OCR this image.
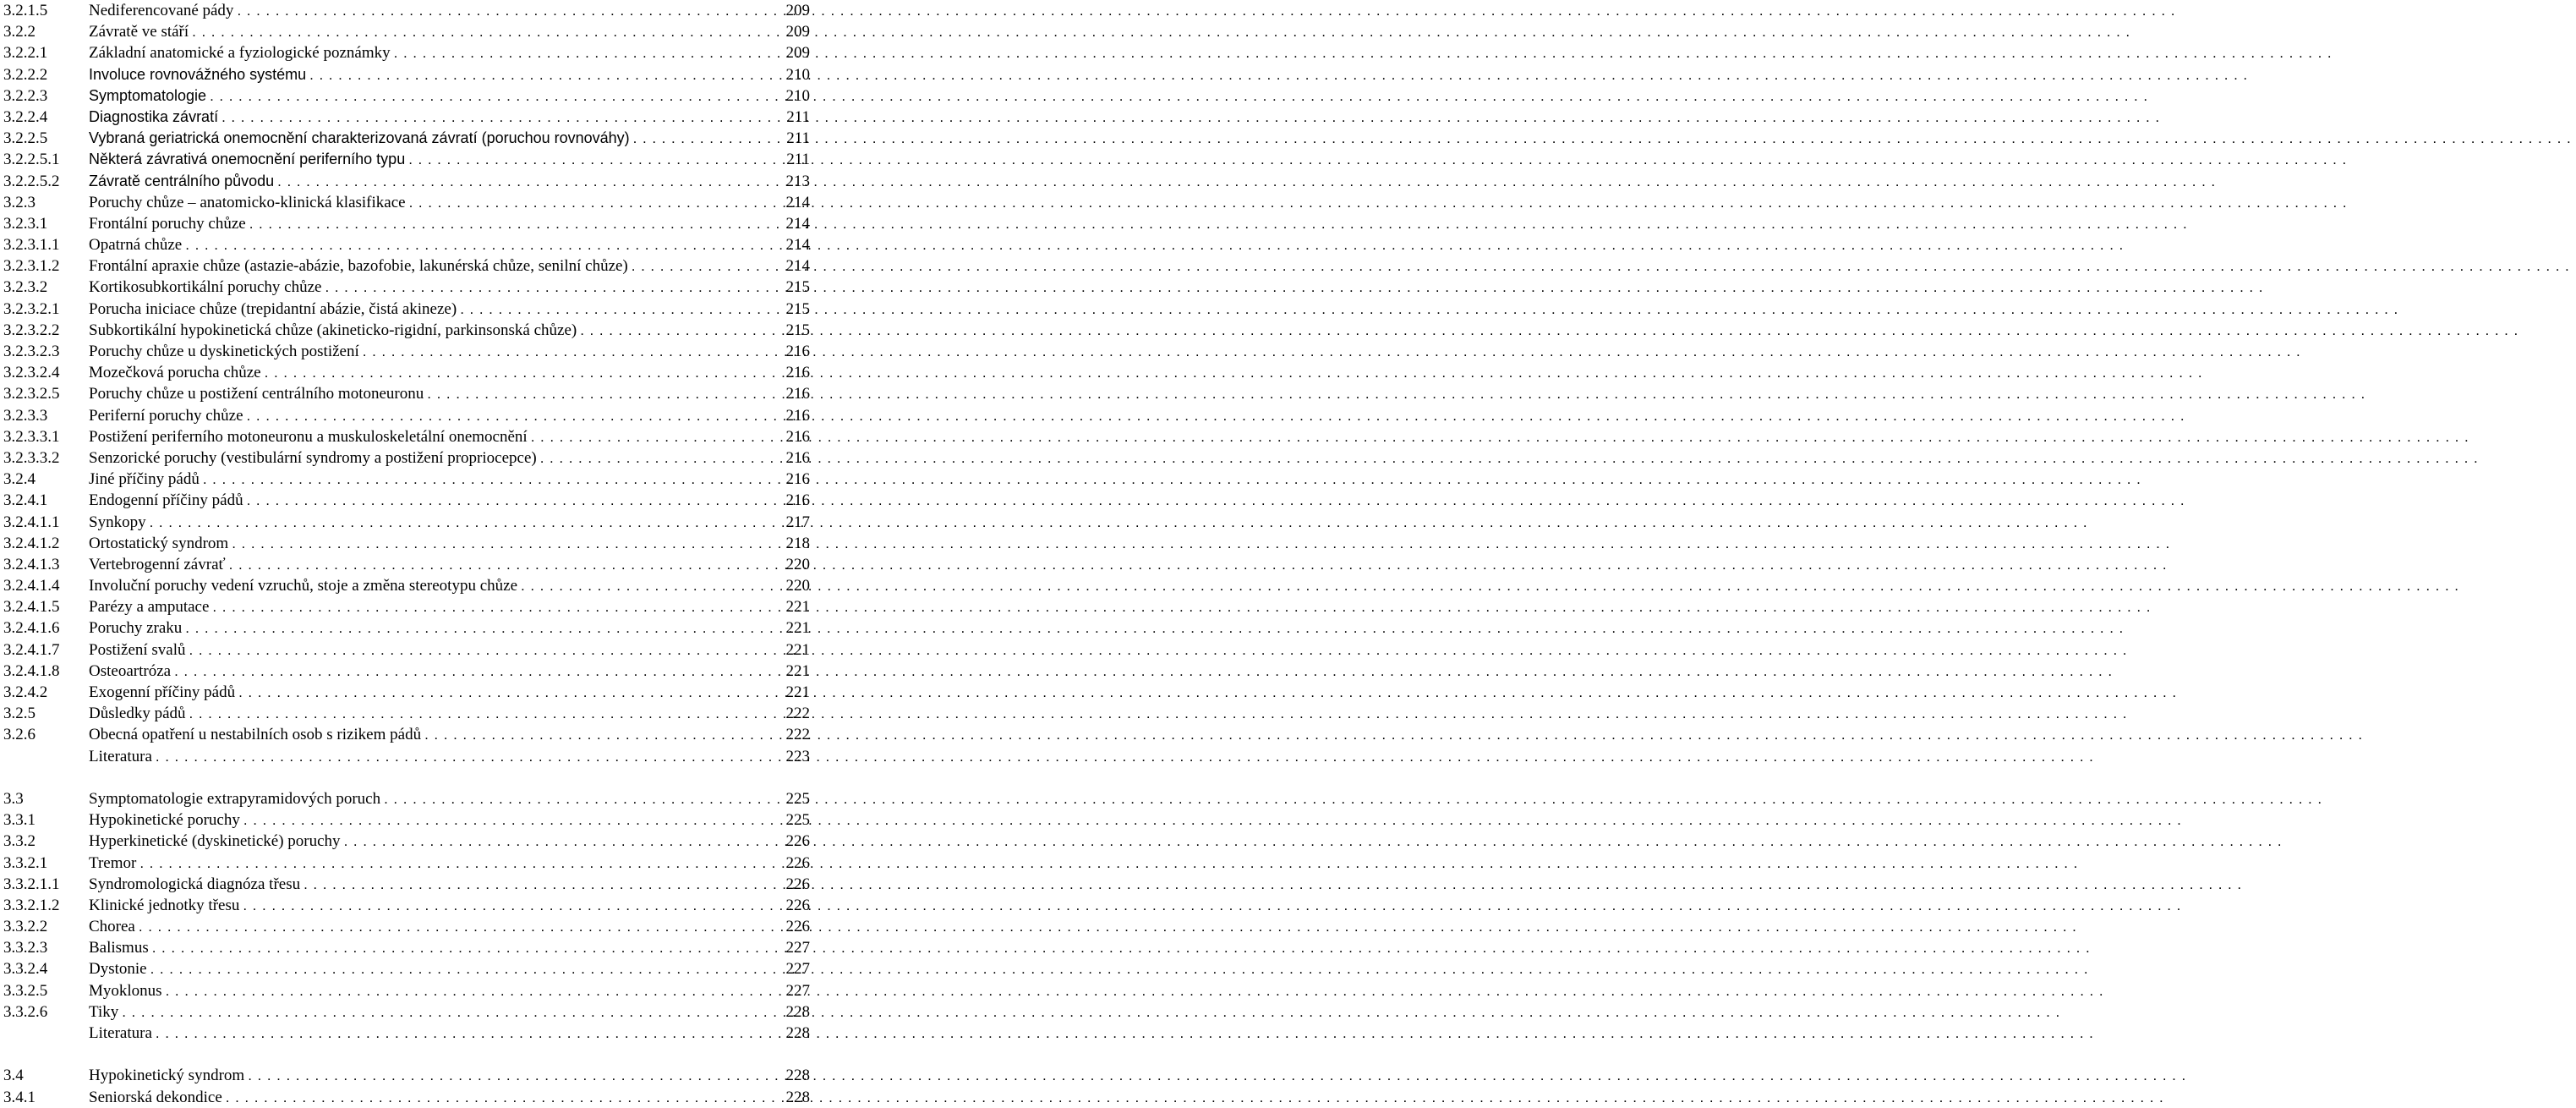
3.2.1.5	Nediferencované pády .....	209
3.2.2	Závratě ve stáří .....	209
3.2.2.1	Základní anatomické a fyziologické poznámky .....	209
3.2.2.2	Involuce rovnovážného systému .....	210
3.2.2.3	Symptomatologie .....	210
3.2.2.4	Diagnostika závratí .....	211
3.2.2.5	Vybraná geriatrická onemocnění charakterizovaná závratí (poruchou rovnováhy) .....	211
3.2.2.5.1	Některá závrativá onemocnění periferního typu .....	211
3.2.2.5.2	Závratě centrálního původu .....	213
3.2.3	Poruchy chůze – anatomicko-klinická klasifikace .....	214
3.2.3.1	Frontální poruchy chůze .....	214
3.2.3.1.1	Opatrná chůze .....	214
3.2.3.1.2	Frontální apraxie chůze (astazie-abázie, bazofobie, lakunérská chůze, senilní chůze) .....	214
3.2.3.2	Kortikosubkortikální poruchy chůze .....	215
3.2.3.2.1	Porucha iniciace chůze (trepidantní abázie, čistá akineze) .....	215
3.2.3.2.2	Subkortikální hypokinetická chůze (akineticko-rigidní, parkinsonská chůze) .....	215
3.2.3.2.3	Poruchy chůze u dyskinetických postižení .....	216
3.2.3.2.4	Mozečková porucha chůze .....	216
3.2.3.2.5	Poruchy chůze u postižení centrálního motoneuronu .....	216
3.2.3.3	Periferní poruchy chůze .....	216
3.2.3.3.1	Postižení periferního motoneuronu a muskuloskeletální onemocnění .....	216
3.2.3.3.2	Senzorické poruchy (vestibulární syndromy a postižení propriocepce) .....	216
3.2.4	Jiné příčiny pádů .....	216
3.2.4.1	Endogenní příčiny pádů .....	216
3.2.4.1.1	Synkopy .....	217
3.2.4.1.2	Ortostatický syndrom .....	218
3.2.4.1.3	Vertebrogenní závrať .....	220
3.2.4.1.4	Involuční poruchy vedení vzruchů, stoje a změna stereotypu chůze .....	220
3.2.4.1.5	Parézy a amputace .....	221
3.2.4.1.6	Poruchy zraku .....	221
3.2.4.1.7	Postižení svalů .....	221
3.2.4.1.8	Osteoartróza .....	221
3.2.4.2	Exogenní příčiny pádů .....	221
3.2.5	Důsledky pádů .....	222
3.2.6	Obecná opatření u nestabilních osob s rizikem pádů .....	222
Literatura .....	223
3.3	Symptomatologie extrapyramidových poruch .....	225
3.3.1	Hypokinetické poruchy .....	225
3.3.2	Hyperkinetické (dyskinetické) poruchy .....	226
3.3.2.1	Tremor .....	226
3.3.2.1.1	Syndromologická diagnóza třesu .....	226
3.3.2.1.2	Klinické jednotky třesu .....	226
3.3.2.2	Chorea .....	226
3.3.2.3	Balismus .....	227
3.3.2.4	Dystonie .....	227
3.3.2.5	Myoklonus .....	227
3.3.2.6	Tiky .....	228
Literatura .....	228
3.4	Hypokinetický syndrom .....	228
3.4.1	Seniorská dekondice .....	228
